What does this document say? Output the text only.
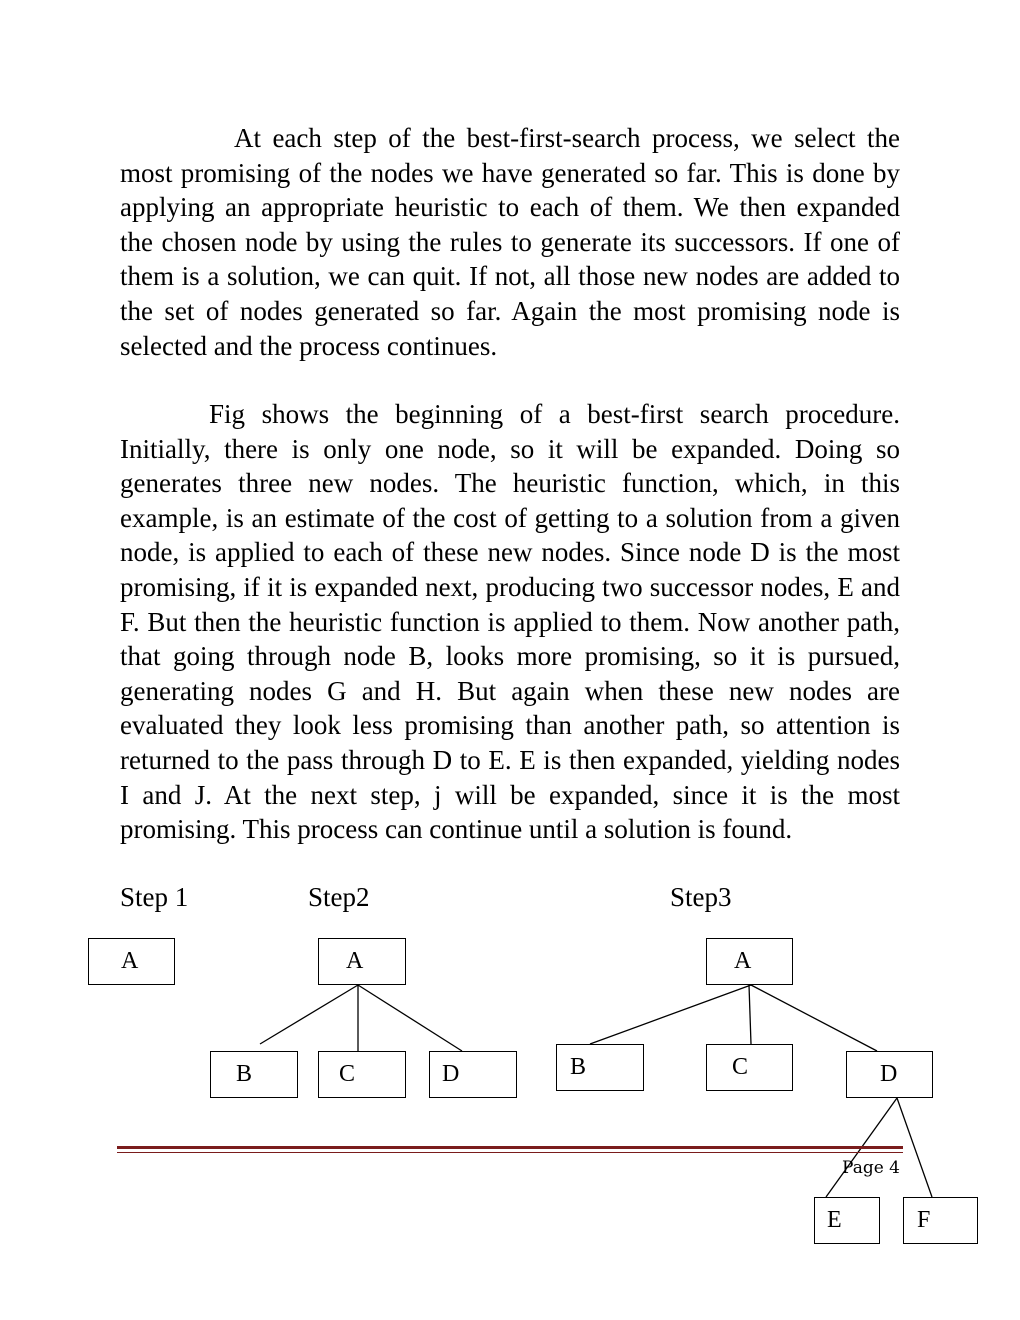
At each step of the best-first-search process, we select the most promising of the nodes we have generated so far. This is done by applying an appropriate heuristic to each of them. We then expanded the chosen node by using the rules to generate its successors. If one of them is a solution, we can quit. If not, all those new nodes are added to the set of nodes generated so far. Again the most promising node is selected and the process continues.

Fig shows the beginning of a best-first search procedure. Initially, there is only one node, so it will be expanded. Doing so generates three new nodes. The heuristic function, which, in this example, is an estimate of the cost of getting to a solution from a given node, is applied to each of these new nodes. Since node D is the most promising, if it is expanded next, producing two successor nodes, E and F. But then the heuristic function is applied to them. Now another path, that going through node B, looks more promising, so it is pursued, generating nodes G and H. But again when these new nodes are evaluated they look less promising than another path, so attention is returned to the pass through D to E. E is then expanded, yielding nodes I and J. At the next step, j will be expanded, since it is the most promising. This process can continue until a solution is found.

Step 1	Step2	Step3
Page 4
A	A
B	C	D
A
B	C	D
E	F
